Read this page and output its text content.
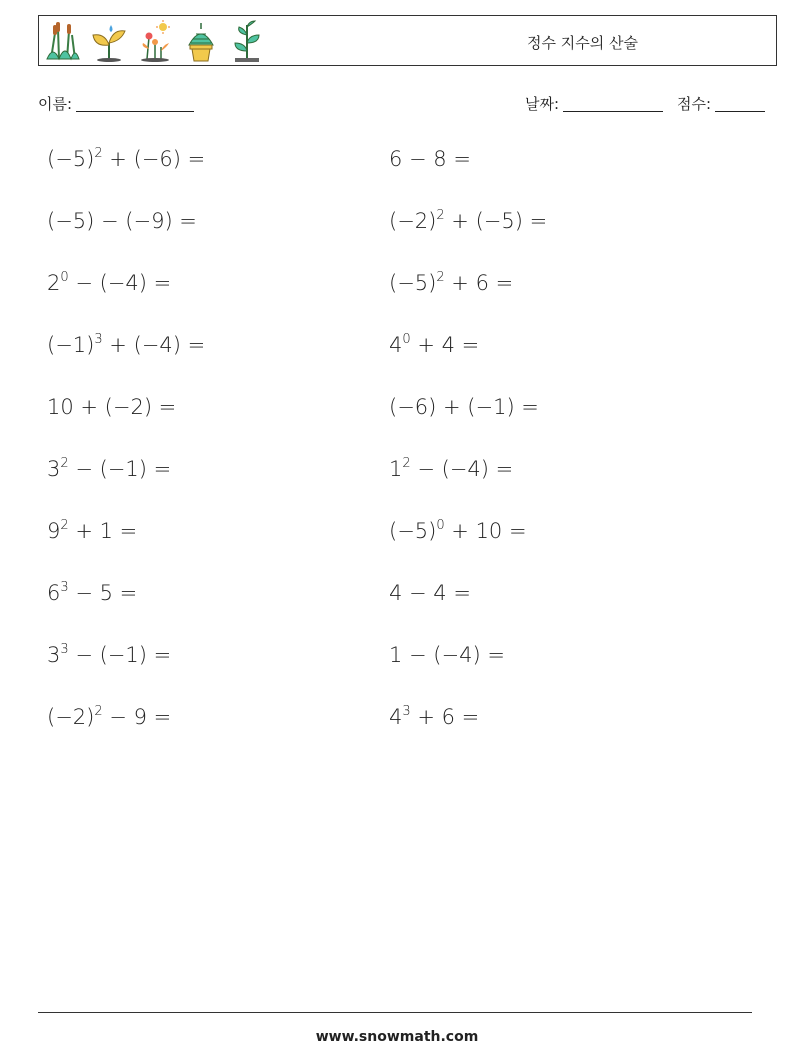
정수 지수의 산술
이름:	날짜:	점수:
$(-5)^2 + (-6)$ =	6 − 8 =
(−5) − (−9) =	$(-2)^2 + (-5)$ =
$2^0 - (-4)$ =	$(-5)^2 + 6$ =
$(-1)^3 + (-4)$ =	$4^0 + 4$ =
10 + (−2) =	(−6) + (−1) =
$3^2 - (-1)$ =	$1^2 - (-4)$ =
$9^2 + 1$ =	$(-5)^0 + 10$ =
$6^3 - 5$ =	4 − 4 =
$3^3 - (-1)$ =	1 − (−4) =
$(-2)^2 - 9$ =	$4^3 + 6$ =
www.snowmath.com
